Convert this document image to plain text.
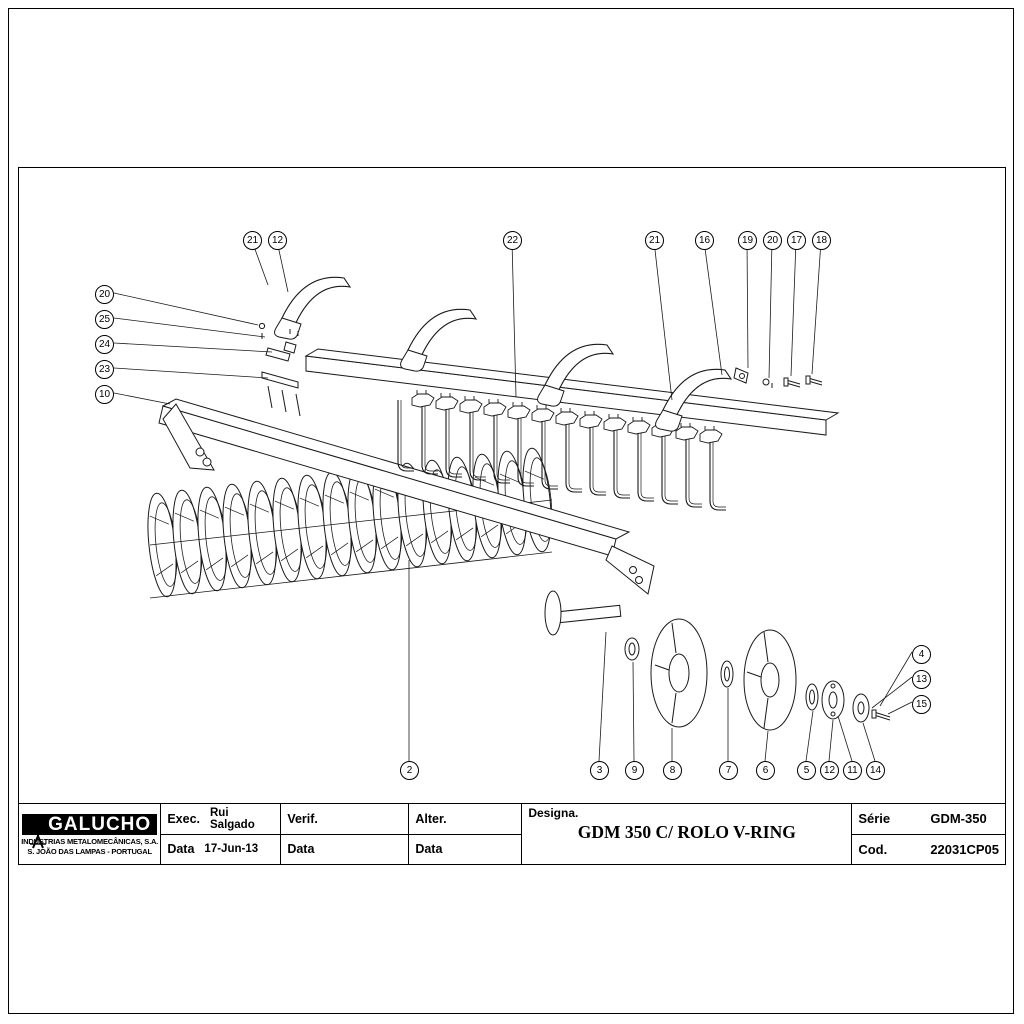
20
25
24
23
10
21	12	22	21	16	19	20	17	18
4
13
15
2	3	9	8	7	6	5	12	11	14
GALUCHO
INDÚSTRIAS METALOMECÂNICAS, S.A.
S. JOÃO DAS LAMPAS - PORTUGAL
Exec. Rui Salgado
Data 17-Jun-13
Verif.
Data
Alter.
Data
Designa.
GDM 350 C/ ROLO V-RING
Série	GDM-350
Cod.	22031CP05
